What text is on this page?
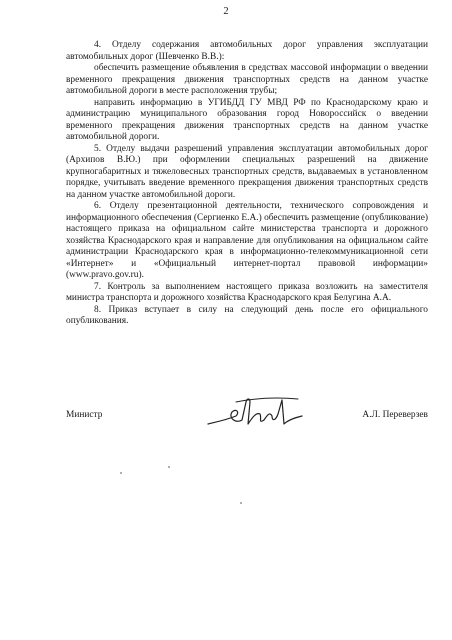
2

4. Отделу содержания автомобильных дорог управления эксплуатации автомобильных дорог (Шевченко В.В.):

обеспечить размещение объявления в средствах массовой информации о введении временного прекращения движения транспортных средств на данном участке автомобильной дороги в месте расположения трубы;

направить информацию в УГИБДД ГУ МВД РФ по Краснодарскому краю и администрацию муниципального образования город Новороссийск о введении временного прекращения движения транспортных средств на данном участке автомобильной дороги.

5. Отделу выдачи разрешений управления эксплуатации автомобильных дорог (Архипов В.Ю.) при оформлении специальных разрешений на движение крупногабаритных и тяжеловесных транспортных средств, выдаваемых в установленном порядке, учитывать введение временного прекращения движения транспортных средств на данном участке автомобильной дороги.

6. Отделу презентационной деятельности, технического сопровождения и информационного обеспечения (Сергиенко Е.А.) обеспечить размещение (опубликование) настоящего приказа на официальном сайте министерства транспорта и дорожного хозяйства Краснодарского края и направление для опубликования на официальном сайте администрации Краснодарского края в информационно-телекоммуникационной сети «Интернет» и «Официальный интернет-портал правовой информации» (www.pravo.gov.ru).

7. Контроль за выполнением настоящего приказа возложить на заместителя министра транспорта и дорожного хозяйства Краснодарского края Белугина А.А.

8. Приказ вступает в силу на следующий день после его официального опубликования.

Министр	А.Л. Переверзев
